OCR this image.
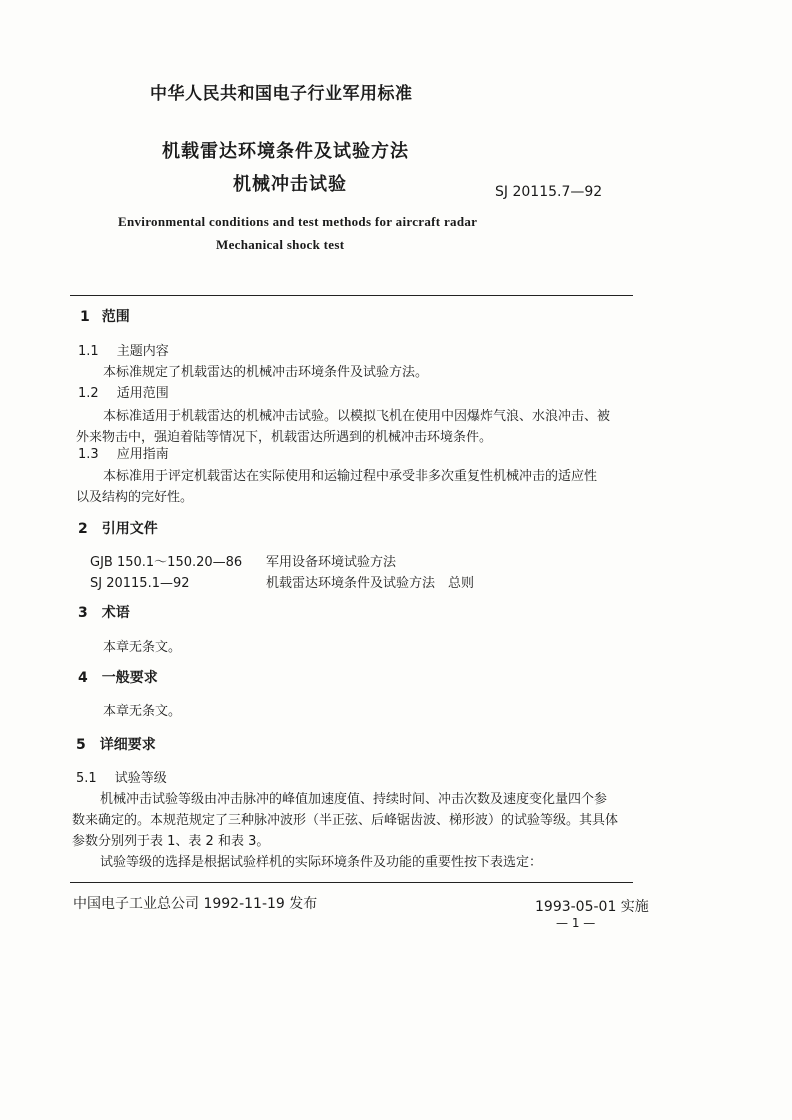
中华人民共和国电子行业军用标准
机载雷达环境条件及试验方法
机械冲击试验	SJ 20115.7—92
Environmental conditions and test methods for aircraft radar
Mechanical shock test
1 范围
1.1 主题内容
本标准规定了机载雷达的机械冲击环境条件及试验方法。
1.2 适用范围
本标准适用于机载雷达的机械冲击试验。以模拟飞机在使用中因爆炸气浪、水浪冲击、被
外来物击中，强迫着陆等情况下，机载雷达所遇到的机械冲击环境条件。
1.3 应用指南
本标准用于评定机载雷达在实际使用和运输过程中承受非多次重复性机械冲击的适应性
以及结构的完好性。
2 引用文件
GJB 150.1～150.20—86 军用设备环境试验方法
SJ 20115.1—92	机载雷达环境条件及试验方法　总则
3 术语
本章无条文。
4 一般要求
本章无条文。
5 详细要求
5.1 试验等级
机械冲击试验等级由冲击脉冲的峰值加速度值、持续时间、冲击次数及速度变化量四个参
数来确定的。本规范规定了三种脉冲波形（半正弦、后峰锯齿波、梯形波）的试验等级。其具体
参数分别列于表 1、表 2 和表 3。
试验等级的选择是根据试验样机的实际环境条件及功能的重要性按下表选定：
中国电子工业总公司 1992-11-19 发布	1993-05-01 实施
— 1 —
